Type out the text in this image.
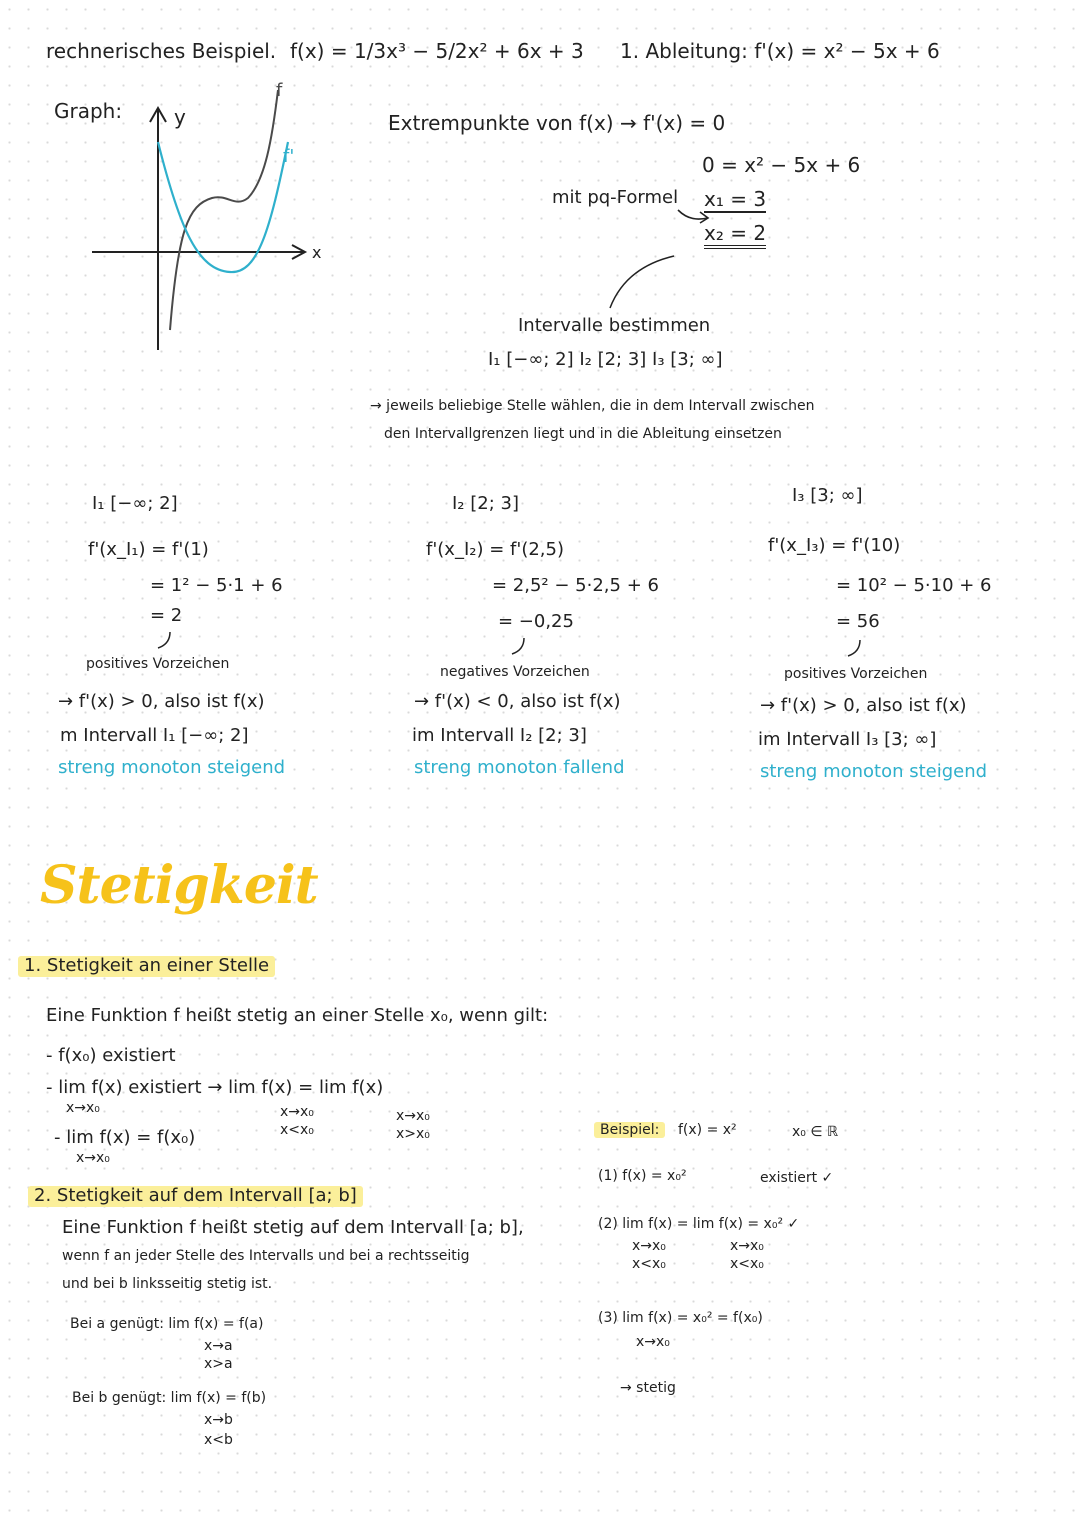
rechnerisches Beispiel. f(x) = 1/3x³ − 5/2x² + 6x + 3 1. Ableitung: f'(x) = x² − 5x + 6
Graph:	y
x
f
f'
Extrempunkte von f(x) → f'(x) = 0
0 = x² − 5x + 6
mit pq-Formel x₁ = 3
x₂ = 2
Intervalle bestimmen
I₁ [−∞; 2] I₂ [2; 3] I₃ [3; ∞]
→ jeweils beliebige Stelle wählen, die in dem Intervall zwischen
den Intervallgrenzen liegt und in die Ableitung einsetzen
I₁ [−∞; 2]
f'(x_I₁) = f'(1)
= 1² − 5·1 + 6
= 2
positives Vorzeichen
→ f'(x) > 0, also ist f(x)
m Intervall I₁ [−∞; 2]
streng monoton steigend
I₂ [2; 3]
f'(x_I₂) = f'(2,5)
= 2,5² − 5·2,5 + 6
= −0,25
negatives Vorzeichen
→ f'(x) < 0, also ist f(x)
im Intervall I₂ [2; 3]
streng monoton fallend
I₃ [3; ∞]
f'(x_I₃) = f'(10)
= 10² − 5·10 + 6
= 56
positives Vorzeichen
→ f'(x) > 0, also ist f(x)
im Intervall I₃ [3; ∞]
streng monoton steigend
Stetigkeit
1. Stetigkeit an einer Stelle
Eine Funktion f heißt stetig an einer Stelle x₀, wenn gilt:
- f(x₀) existiert
- lim f(x) existiert → lim f(x) = lim f(x)
x→x₀	x→x₀
x<x₀
x→x₀
x>x₀
- lim f(x) = f(x₀)
x→x₀
2. Stetigkeit auf dem Intervall [a; b]
Eine Funktion f heißt stetig auf dem Intervall [a; b],
wenn f an jeder Stelle des Intervalls und bei a rechtsseitig
und bei b linksseitig stetig ist.
Bei a genügt: lim f(x) = f(a)
x→a
x>a
Bei b genügt: lim f(x) = f(b)
x→b
x<b
Beispiel:	f(x) = x²	x₀ ∈ ℝ
(1) f(x) = x₀²	existiert ✓
(2) lim f(x) = lim f(x) = x₀² ✓
x→x₀
x<x₀
x→x₀
x<x₀
(3) lim f(x) = x₀² = f(x₀)
x→x₀
→ stetig
